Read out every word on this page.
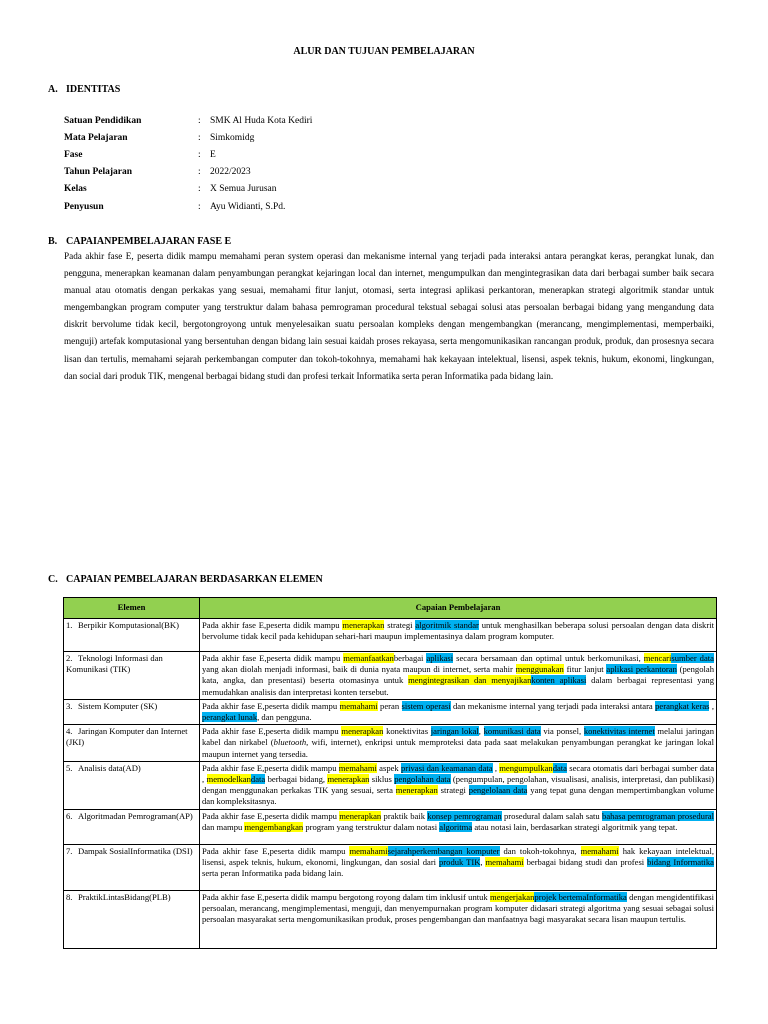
ALUR DAN TUJUAN PEMBELAJARAN
A. IDENTITAS
Satuan Pendidikan	: SMK Al Huda Kota Kediri
Mata Pelajaran	: Simkomidg
Fase	: E
Tahun Pelajaran	: 2022/2023
Kelas	: X Semua Jurusan
Penyusun	: Ayu Widianti, S.Pd.
B. CAPAIANPEMBELAJARAN FASE E
Pada akhir fase E, peserta didik mampu memahami peran system operasi dan mekanisme internal yang terjadi pada interaksi antara perangkat keras, perangkat lunak, dan pengguna, menerapkan keamanan dalam penyambungan perangkat kejaringan local dan internet, mengumpulkan dan mengintegrasikan data dari berbagai sumber baik secara manual atau otomatis dengan perkakas yang sesuai, memahami fitur lanjut, otomasi, serta integrasi aplikasi perkantoran, menerapkan strategi algoritmik standar untuk mengembangkan program computer yang terstruktur dalam bahasa pemrograman procedural tekstual sebagai solusi atas persoalan berbagai bidang yang mengandung data diskrit bervolume tidak kecil, bergotongroyong untuk menyelesaikan suatu persoalan kompleks dengan mengembangkan (merancang, mengimplementasi, memperbaiki, menguji) artefak komputasional yang bersentuhan dengan bidang lain sesuai kaidah proses rekayasa, serta mengomunikasikan rancangan produk, produk, dan prosesnya secara lisan dan tertulis, memahami sejarah perkembangan computer dan tokoh-tokohnya, memahami hak kekayaan intelektual, lisensi, aspek teknis, hukum, ekonomi, lingkungan, dan social dari produk TIK, mengenal berbagai bidang studi dan profesi terkait Informatika serta peran Informatika pada bidang lain.
C. CAPAIAN PEMBELAJARAN BERDASARKAN ELEMEN
Elemen	Capaian Pembelajaran
1. Berpikir Komputasional(BK)	Pada akhir fase E,peserta didik mampu menerapkan strategi algoritmik standar untuk menghasilkan beberapa solusi persoalan dengan data diskrit bervolume tidak kecil pada kehidupan sehari-hari maupun implementasinya dalam program komputer.
2. Teknologi Informasi dan Komunikasi (TIK)	Pada akhir fase E,peserta didik mampu memanfaatkanberbagai aplikasi secara bersamaan dan optimal untuk berkomunikasi, mencarisumber data yang akan diolah menjadi informasi, baik di dunia nyata maupun di internet, serta mahir menggunakan fitur lanjut aplikasi perkantoran (pengolah kata, angka, dan presentasi) beserta otomasinya untuk mengintegrasikan dan menyajikankonten aplikasi dalam berbagai representasi yang memudahkan analisis dan interpretasi konten tersebut.
3. Sistem Komputer (SK)	Pada akhir fase E,peserta didik mampu memahami peran sistem operasi dan mekanisme internal yang terjadi pada interaksi antara perangkat keras , perangkat lunak, dan pengguna.
4. Jaringan Komputer dan Internet (JKI)	Pada akhir fase E,peserta didik mampu menerapkan konektivitas jaringan lokal, komunikasi data via ponsel, konektivitas internet melalui jaringan kabel dan nirkabel (bluetooth, wifi, internet), enkripsi untuk memproteksi data pada saat melakukan penyambungan perangkat ke jaringan lokal maupun internet yang tersedia.
5. Analisis data(AD)	Pada akhir fase E,peserta didik mampu memahami aspek privasi dan keamanan data , mengumpulkandata secara otomatis dari berbagai sumber data , memodelkandata berbagai bidang, menerapkan siklus pengolahan data (pengumpulan, pengolahan, visualisasi, analisis, interpretasi, dan publikasi) dengan menggunakan perkakas TIK yang sesuai, serta menerapkan strategi pengelolaan data yang tepat guna dengan mempertimbangkan volume dan kompleksitasnya.
6. Algoritmadan Pemrograman(AP)	Pada akhir fase E,peserta didik mampu menerapkan praktik baik konsep pemrograman prosedural dalam salah satu bahasa pemrograman prosedural dan mampu mengembangkan program yang terstruktur dalam notasi algoritma atau notasi lain, berdasarkan strategi algoritmik yang tepat.
7. Dampak SosialInformatika (DSI)	Pada akhir fase E,peserta didik mampu memahamisejarahperkembangan komputer dan tokoh-tokohnya, memahami hak kekayaan intelektual, lisensi, aspek teknis, hukum, ekonomi, lingkungan, dan sosial dari produk TIK, memahami berbagai bidang studi dan profesi bidang Informatika serta peran Informatika pada bidang lain.
8. PraktikLintasBidang(PLB)	Pada akhir fase E,peserta didik mampu bergotong royong dalam tim inklusif untuk mengerjakanprojek bertemaInformatika dengan mengidentifikasi persoalan, merancang, mengimplementasi, menguji, dan menyempurnakan program komputer didasari strategi algoritma yang sesuai sebagai solusi persoalan masyarakat serta mengomunikasikan produk, proses pengembangan dan manfaatnya bagi masyarakat secara lisan maupun tertulis.
